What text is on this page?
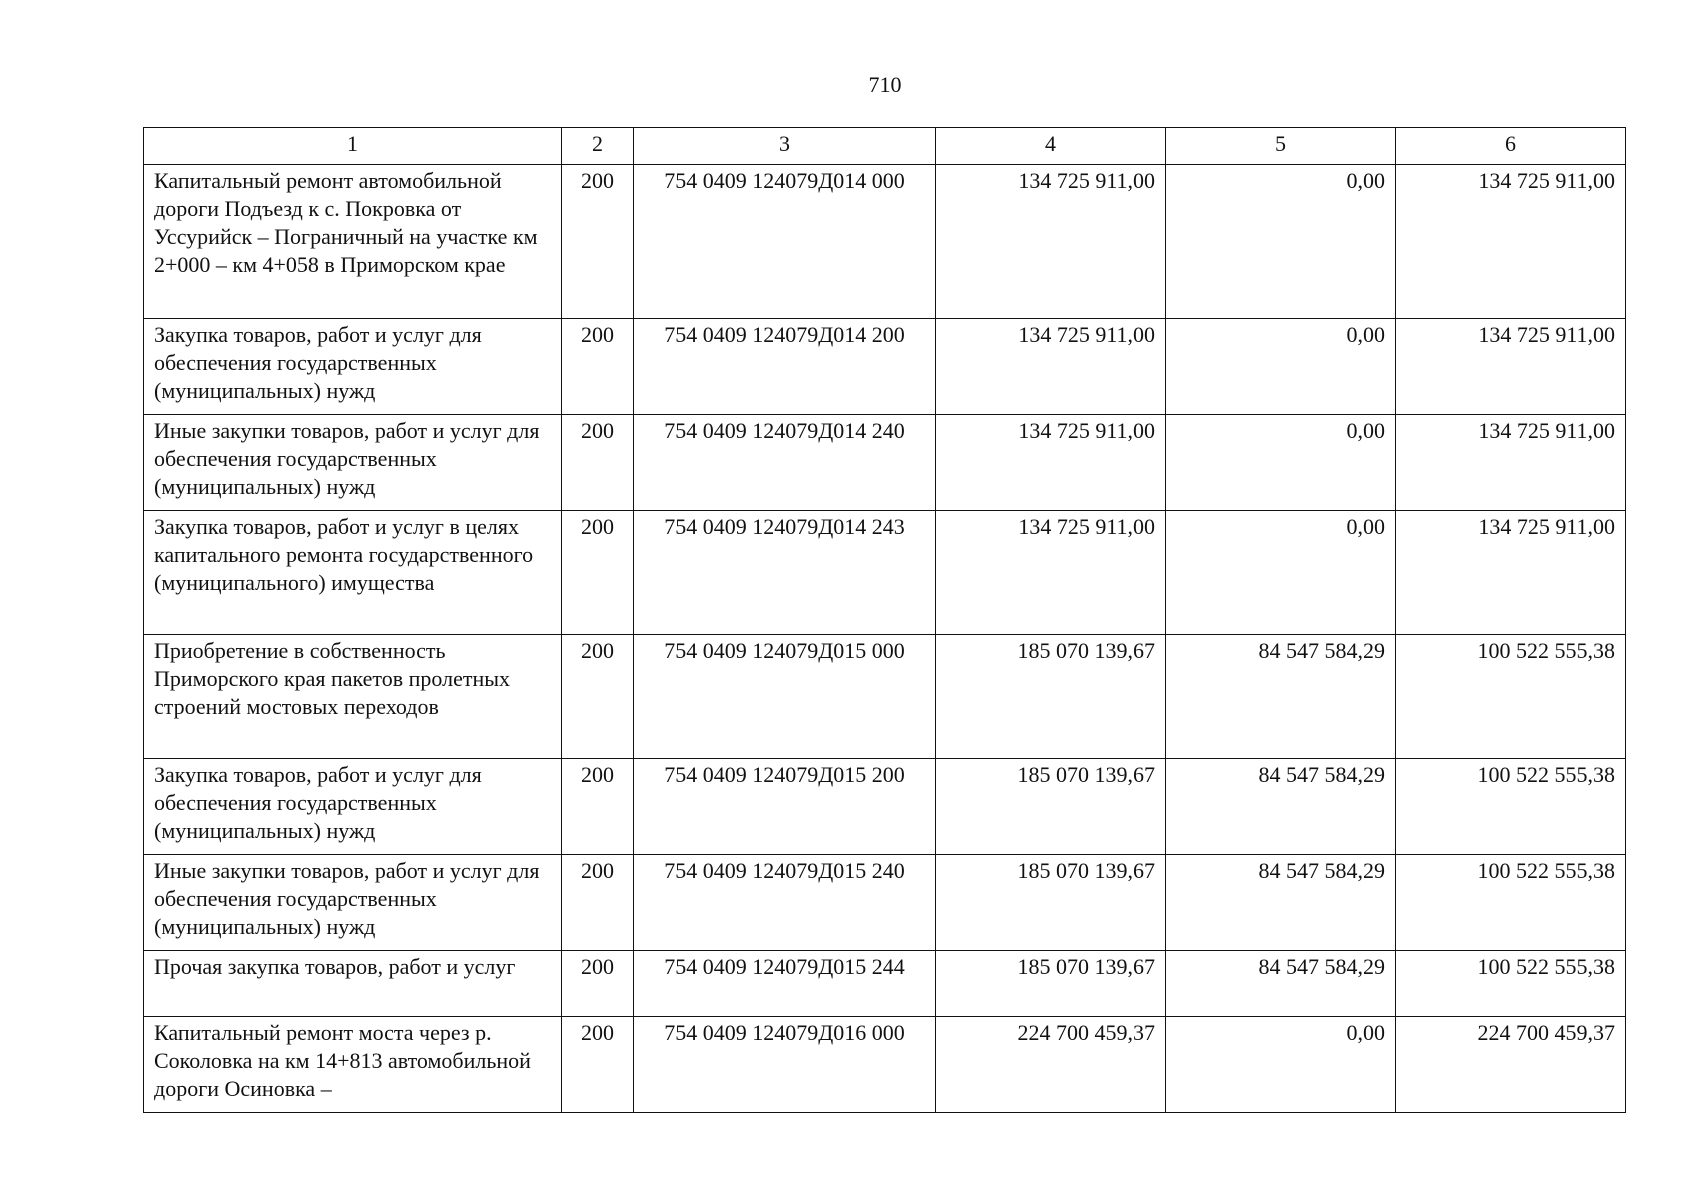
710
1	2	3	4	5	6
Капитальный ремонт автомобильной дороги Подъезд к с. Покровка от Уссурийск – Пограничный на участке км 2+000 – км 4+058 в Приморском крае	200	754 0409 124079Д014 000	134 725 911,00	0,00	134 725 911,00
Закупка товаров, работ и услуг для обеспечения государственных (муниципальных) нужд	200	754 0409 124079Д014 200	134 725 911,00	0,00	134 725 911,00
Иные закупки товаров, работ и услуг для обеспечения государственных (муниципальных) нужд	200	754 0409 124079Д014 240	134 725 911,00	0,00	134 725 911,00
Закупка товаров, работ и услуг в целях капитального ремонта государственного (муниципального) имущества	200	754 0409 124079Д014 243	134 725 911,00	0,00	134 725 911,00
Приобретение в собственность Приморского края пакетов пролетных строений мостовых переходов	200	754 0409 124079Д015 000	185 070 139,67	84 547 584,29	100 522 555,38
Закупка товаров, работ и услуг для обеспечения государственных (муниципальных) нужд	200	754 0409 124079Д015 200	185 070 139,67	84 547 584,29	100 522 555,38
Иные закупки товаров, работ и услуг для обеспечения государственных (муниципальных) нужд	200	754 0409 124079Д015 240	185 070 139,67	84 547 584,29	100 522 555,38
Прочая закупка товаров, работ и услуг	200	754 0409 124079Д015 244	185 070 139,67	84 547 584,29	100 522 555,38
Капитальный ремонт моста через р. Соколовка на км 14+813 автомобильной дороги Осиновка –	200	754 0409 124079Д016 000	224 700 459,37	0,00	224 700 459,37
